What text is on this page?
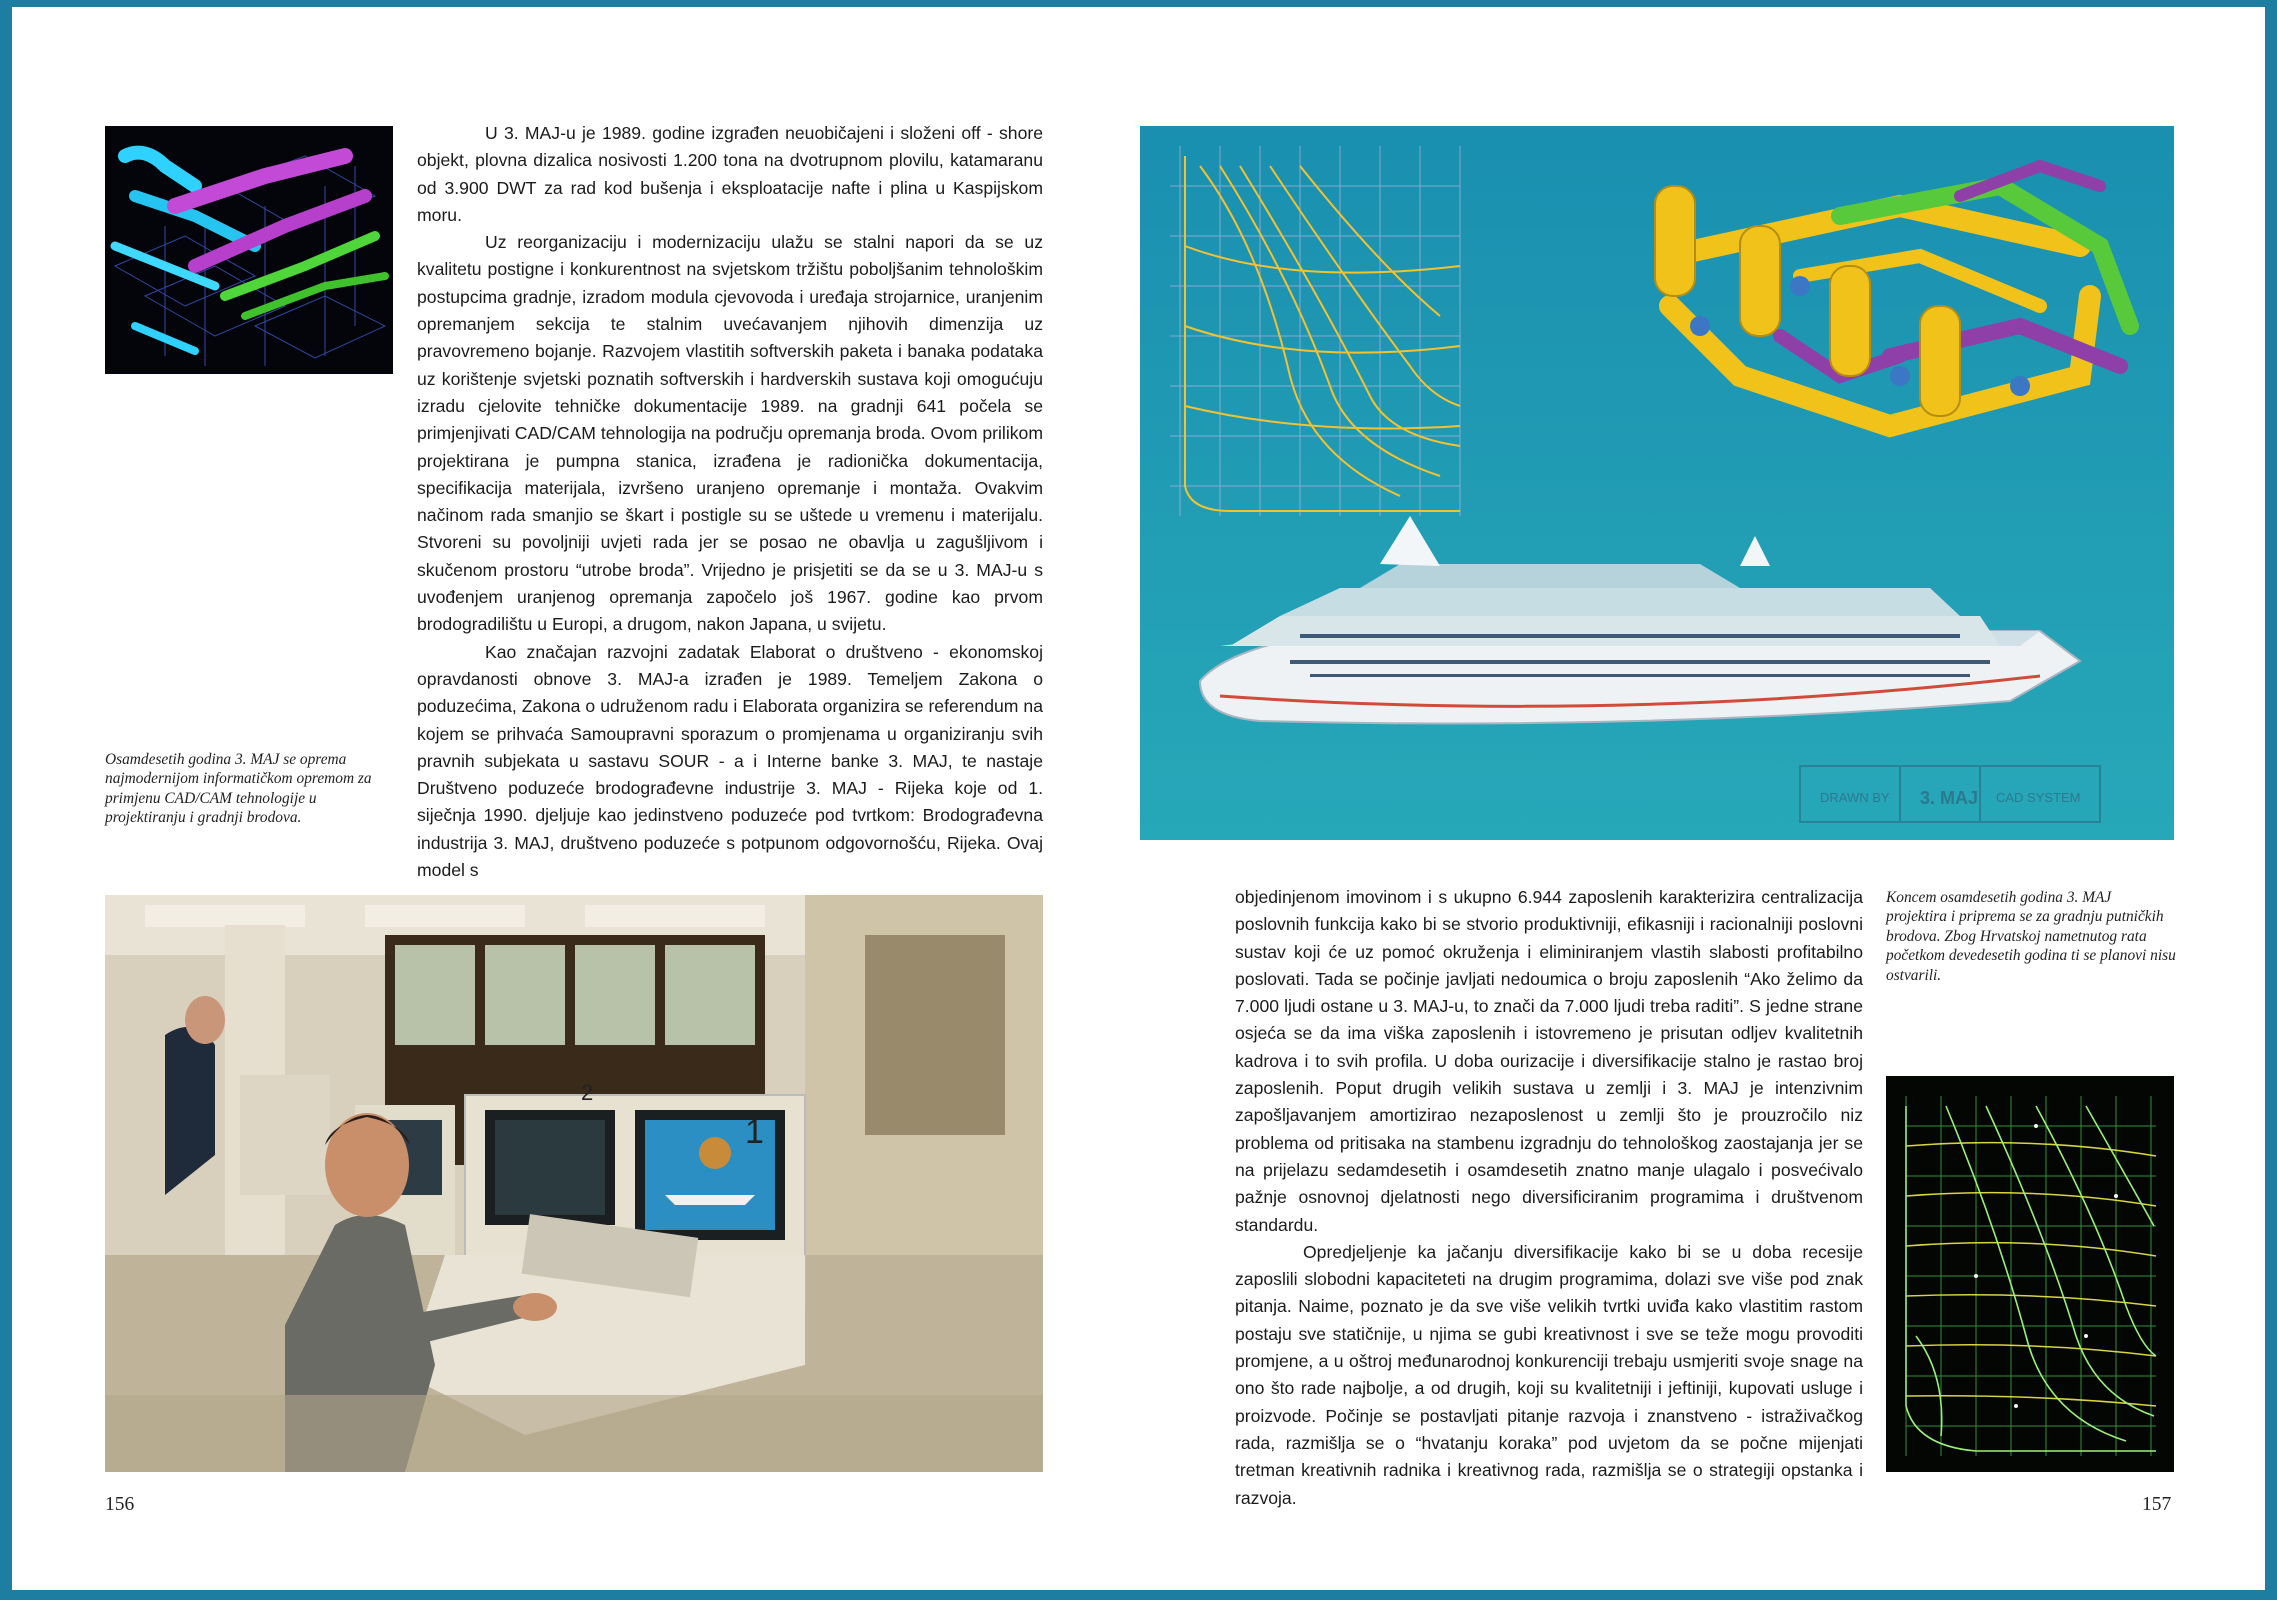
Osamdesetih godina 3. MAJ se oprema najmodernijom informatičkom opremom za primjenu CAD/CAM tehnologije u projektiranju i gradnji brodova.

U 3. MAJ-u je 1989. godine izgrađen neuobičajeni i složeni off - shore objekt, plovna dizalica nosivosti 1.200 tona na dvotrupnom plovilu, katamaranu od 3.900 DWT za rad kod bušenja i eksploatacije nafte i plina u Kaspijskom moru.

Uz reorganizaciju i modernizaciju ulažu se stalni napori da se uz kvalitetu postigne i konkurentnost na svjetskom tržištu poboljšanim tehnološkim postupcima gradnje, izradom modula cjevovoda i uređaja strojarnice, uranjenim opremanjem sekcija te stalnim uvećavanjem njihovih dimenzija uz pravovremeno bojanje. Razvojem vlastitih softverskih paketa i banaka podataka uz korištenje svjetski poznatih softverskih i hardverskih sustava koji omogućuju izradu cjelovite tehničke dokumentacije 1989. na gradnji 641 počela se primjenjivati CAD/CAM tehnologija na području opremanja broda. Ovom prilikom projektirana je pumpna stanica, izrađena je radionička dokumentacija, specifikacija materijala, izvršeno uranjeno opremanje i montaža. Ovakvim načinom rada smanjio se škart i postigle su se uštede u vremenu i materijalu. Stvoreni su povoljniji uvjeti rada jer se posao ne obavlja u zagušljivom i skučenom prostoru “utrobe broda”. Vrijedno je prisjetiti se da se u 3. MAJ-u s uvođenjem uranjenog opremanja započelo još 1967. godine kao prvom brodogradilištu u Europi, a drugom, nakon Japana, u svijetu.

Kao značajan razvojni zadatak Elaborat o društveno - ekonomskoj opravdanosti obnove 3. MAJ-a izrađen je 1989. Temeljem Zakona o poduzećima, Zakona o udruženom radu i Elaborata organizira se referendum na kojem se prihvaća Samoupravni sporazum o promjenama u organiziranju svih pravnih subjekata u sastavu SOUR - a i Interne banke 3. MAJ, te nastaje Društveno poduzeće brodograđevne industrije 3. MAJ - Rijeka koje od 1. siječnja 1990. djeljuje kao jedinstveno poduzeće pod tvrtkom: Brodograđevna industrija 3. MAJ, društveno poduzeće s potpunom odgovornošću, Rijeka. Ovaj model s

1
2
156
DRAWN BY	CAD SYSTEM
3. MAJ

objedinjenom imovinom i s ukupno 6.944 zaposlenih karakterizira centralizacija poslovnih funkcija kako bi se stvorio produktivniji, efikasniji i racionalniji poslovni sustav koji će uz pomoć okruženja i eliminiranjem vlastih slabosti profitabilno poslovati. Tada se počinje javljati nedoumica o broju zaposlenih “Ako želimo da 7.000 ljudi ostane u 3. MAJ-u, to znači da 7.000 ljudi treba raditi”. S jedne strane osjeća se da ima viška zaposlenih i istovremeno je prisutan odljev kvalitetnih kadrova i to svih profila. U doba ourizacije i diversifikacije stalno je rastao broj zaposlenih. Poput drugih velikih sustava u zemlji i 3. MAJ je intenzivnim zapošljavanjem amortizirao nezaposlenost u zemlji što je prouzročilo niz problema od pritisaka na stambenu izgradnju do tehnološkog zaostajanja jer se na prijelazu sedamdesetih i osamdesetih znatno manje ulagalo i posvećivalo pažnje osnovnoj djelatnosti nego diversificiranim programima i društvenom standardu.

Opredjeljenje ka jačanju diversifikacije kako bi se u doba recesije zaposlili slobodni kapaciteteti na drugim programima, dolazi sve više pod znak pitanja. Naime, poznato je da sve više velikih tvrtki uviđa kako vlastitim rastom postaju sve statičnije, u njima se gubi kreativnost i sve se teže mogu provoditi promjene, a u oštroj međunarodnoj konkurenciji trebaju usmjeriti svoje snage na ono što rade najbolje, a od drugih, koji su kvalitetniji i jeftiniji, kupovati usluge i proizvode. Počinje se postavljati pitanje razvoja i znanstveno - istraživačkog rada, razmišlja se o “hvatanju koraka” pod uvjetom da se počne mijenjati tretman kreativnih radnika i kreativnog rada, razmišlja se o strategiji opstanka i razvoja.

Koncem osamdesetih godina 3. MAJ projektira i priprema se za gradnju putničkih brodova. Zbog Hrvatskoj nametnutog rata početkom devedesetih godina ti se planovi nisu ostvarili.
157
